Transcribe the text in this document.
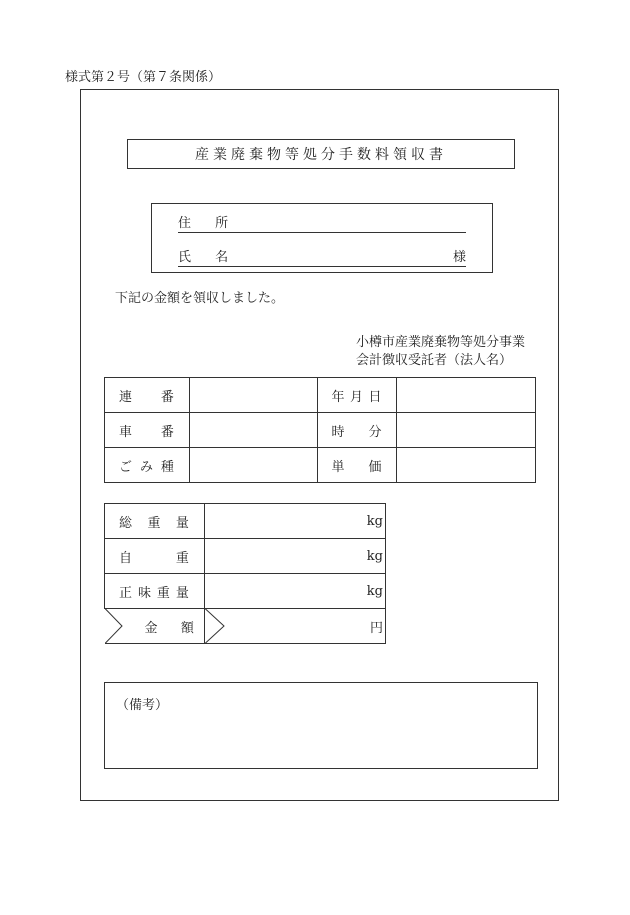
様式第２号（第７条関係）
産業廃棄物等処分手数料領収書
住 所
氏 名	様
下記の金額を領収しました。
小樽市産業廃棄物等処分事業
会計徴収受託者（法人名）
連 番		年 月 日	

車 番		時 分	

ご み 種		単 価	

総 重 量	kg

自 重	kg

正 味 重 量	kg

金 額	円
（備考）
